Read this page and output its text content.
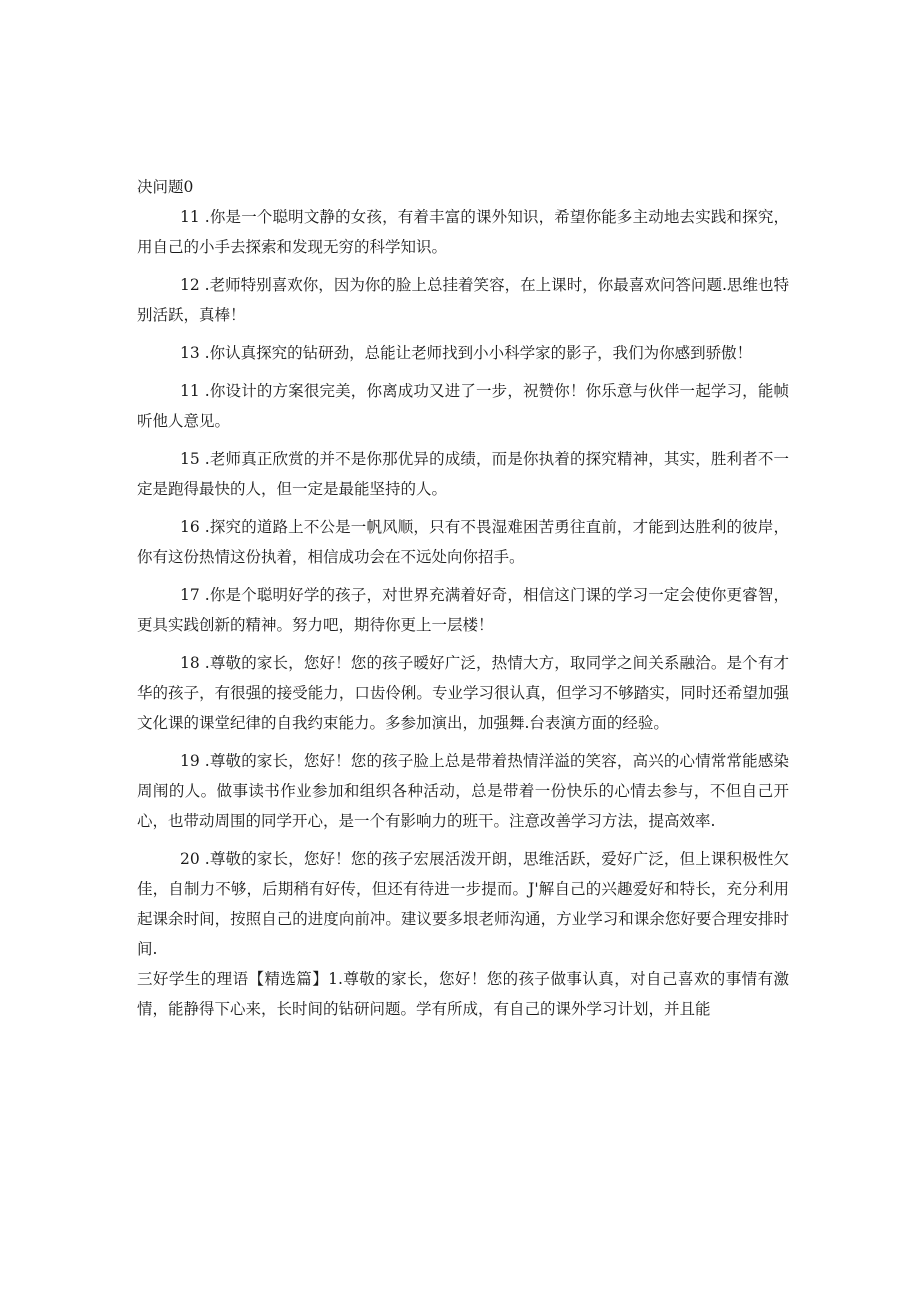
决问题0

11 .你是一个聪明文静的女孩，有着丰富的课外知识，希望你能多主动地去实践和探究，用自己的小手去探索和发现无穷的科学知识。

12 .老师特别喜欢你，因为你的脸上总挂着笑容，在上课时，你最喜欢问答问题.思维也特别活跃，真棒！

13 .你认真探究的钻研劲，总能让老师找到小小科学家的影子，我们为你感到骄傲！

11 .你设计的方案很完美，你离成功又进了一步，祝赞你！你乐意与伙伴一起学习，能帧听他人意见。

15 .老师真正欣赏的并不是你那优异的成绩，而是你执着的探究精神，其实，胜利者不一定是跑得最快的人，但一定是最能坚持的人。

16 .探究的道路上不公是一帆风顺，只有不畏湿难困苦勇往直前，才能到达胜利的彼岸，你有这份热情这份执着，相信成功会在不远处向你招手。

17 .你是个聪明好学的孩子，对世界充满着好奇，相信这门课的学习一定会使你更睿智，更具实践创新的精神。努力吧，期待你更上一层楼！

18 .尊敬的家长，您好！您的孩子暧好广泛，热情大方，取同学之间关系融洽。是个有才华的孩子，有很强的接受能力，口齿伶俐。专业学习很认真，但学习不够踏实，同时还希望加强文化课的课堂纪律的自我约束能力。多参加演出，加强舞.台表演方面的经验。

19 .尊敬的家长，您好！您的孩子脸上总是带着热情洋溢的笑容，高兴的心情常常能感染周闱的人。做事读书作业参加和组织各种活动，总是带着一份快乐的心情去参与，不但自己开心，也带动周围的同学开心，是一个有影响力的班干。注意改善学习方法，提高效率.

20 .尊敬的家长，您好！您的孩子宏展活泼开朗，思维活跃，爱好广泛，但上课积极性欠佳，自制力不够，后期稍有好传，但还有待进一步提而。J'解自己的兴趣爱好和特长，充分利用起课余时间，按照自己的进度向前冲。建议要多垠老师沟通，方业学习和课余您好要合理安排时间.

三好学生的理语【精选篇】1.尊敬的家长，您好！您的孩子做事认真，对自己喜欢的事情有激情，能静得下心来，长时间的钻研问题。学有所成，有自己的课外学习计划，并且能
